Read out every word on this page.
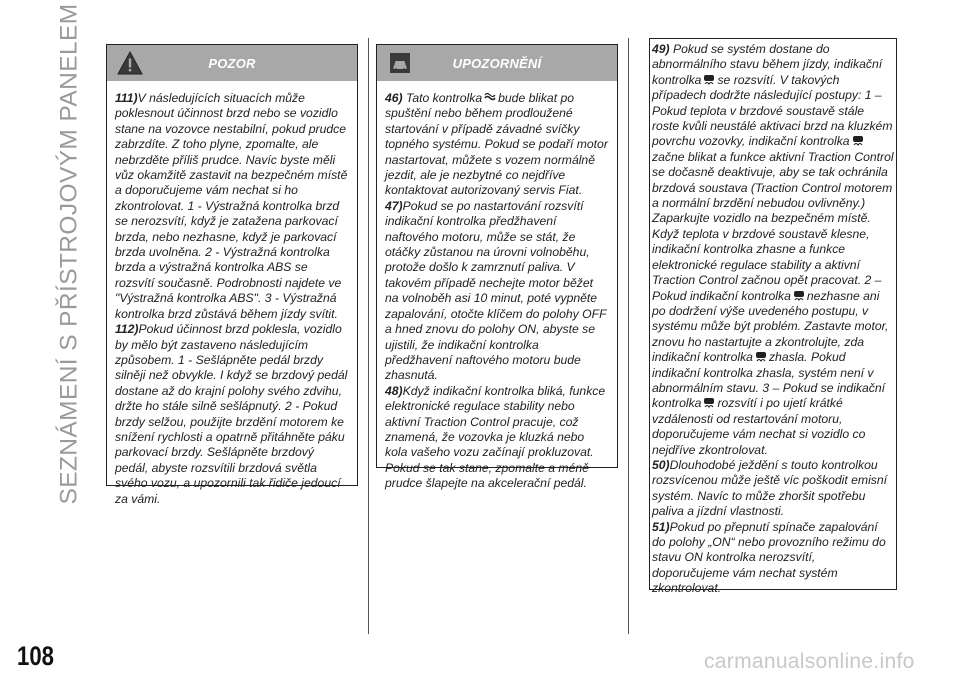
SEZNÁMENÍ S PŘÍSTROJOVÝM PANELEM	POZOR

111)V následujících situacích může poklesnout účinnost brzd nebo se vozidlo stane na vozovce nestabilní, pokud prudce zabrzdíte. Z toho plyne, zpomalte, ale nebrzděte příliš prudce. Navíc byste měli vůz okamžitě zastavit na bezpečném místě a doporučujeme vám nechat si ho zkontrolovat. 1 - Výstražná kontrolka brzd se nerozsvítí, když je zatažena parkovací brzda, nebo nezhasne, když je parkovací brzda uvolněna. 2 - Výstražná kontrolka brzda a výstražná kontrolka ABS se rozsvítí současně. Podrobnosti najdete ve "Výstražná kontrolka ABS". 3 - Výstražná kontrolka brzd zůstává během jízdy svítit.

112)Pokud účinnost brzd poklesla, vozidlo by mělo být zastaveno následujícím způsobem. 1 - Sešlápněte pedál brzdy silněji než obvykle. I když se brzdový pedál dostane až do krajní polohy svého zdvihu, držte ho stále silně sešlápnutý. 2 - Pokud brzdy selžou, použijte brzdění motorem ke snížení rychlosti a opatrně přitáhněte páku parkovací brzdy. Sešlápněte brzdový pedál, abyste rozsvítili brzdová světla svého vozu, a upozornili tak řidiče jedoucí za vámi.

UPOZORNĚNÍ

46) Tato kontrolka bude blikat po spuštění nebo během prodloužené startování v případě závadné svíčky topného systému. Pokud se podaří motor nastartovat, můžete s vozem normálně jezdit, ale je nezbytné co nejdříve kontaktovat autorizovaný servis Fiat.

47)Pokud se po nastartování rozsvítí indikační kontrolka předžhavení naftového motoru, může se stát, že otáčky zůstanou na úrovni volnoběhu, protože došlo k zamrznutí paliva. V takovém případě nechejte motor běžet na volnoběh asi 10 minut, poté vypněte zapalování, otočte klíčem do polohy OFF a hned znovu do polohy ON, abyste se ujistili, že indikační kontrolka předžhavení naftového motoru bude zhasnutá.

48)Když indikační kontrolka bliká, funkce elektronické regulace stability nebo aktivní Traction Control pracuje, což znamená, že vozovka je kluzká nebo kola vašeho vozu začínají prokluzovat. Pokud se tak stane, zpomalte a méně prudce šlapejte na akcelerační pedál.

49) Pokud se systém dostane do abnormálního stavu během jízdy, indikační kontrolka se rozsvítí. V takových případech dodržte následující postupy: 1 – Pokud teplota v brzdové soustavě stále roste kvůli neustálé aktivaci brzd na kluzkém povrchu vozovky, indikační kontrolkazačne blikat a funkce aktivní Traction Control se dočasně deaktivuje, aby se tak ochránila brzdová soustava (Traction Control motorem a normální brzdění nebudou ovlivněny.) Zaparkujte vozidlo na bezpečném místě. Když teplota v brzdové soustavě klesne, indikační kontrolka zhasne a funkce elektronické regulace stability a aktivní Traction Control začnou opět pracovat. 2 – Pokud indikační kontrolka nezhasne ani po dodržení výše uvedeného postupu, v systému může být problém. Zastavte motor, znovu ho nastartujte a zkontrolujte, zda indikační kontrolka zhasla. Pokud indikační kontrolka zhasla, systém není v abnormálním stavu. 3 – Pokud se indikační kontrolka rozsvítí i po ujetí krátké vzdálenosti od restartování motoru, doporučujeme vám nechat si vozidlo co nejdříve zkontrolovat.

50)Dlouhodobé ježdění s touto kontrolkou rozsvícenou může ještě víc poškodit emisní systém. Navíc to může zhoršit spotřebu paliva a jízdní vlastnosti.

51)Pokud po přepnutí spínače zapalování do polohy „ON“ nebo provozního režimu do stavu ON kontrolka nerozsvítí, doporučujeme vám nechat systém zkontrolovat.

108	carmanualsonline.info
